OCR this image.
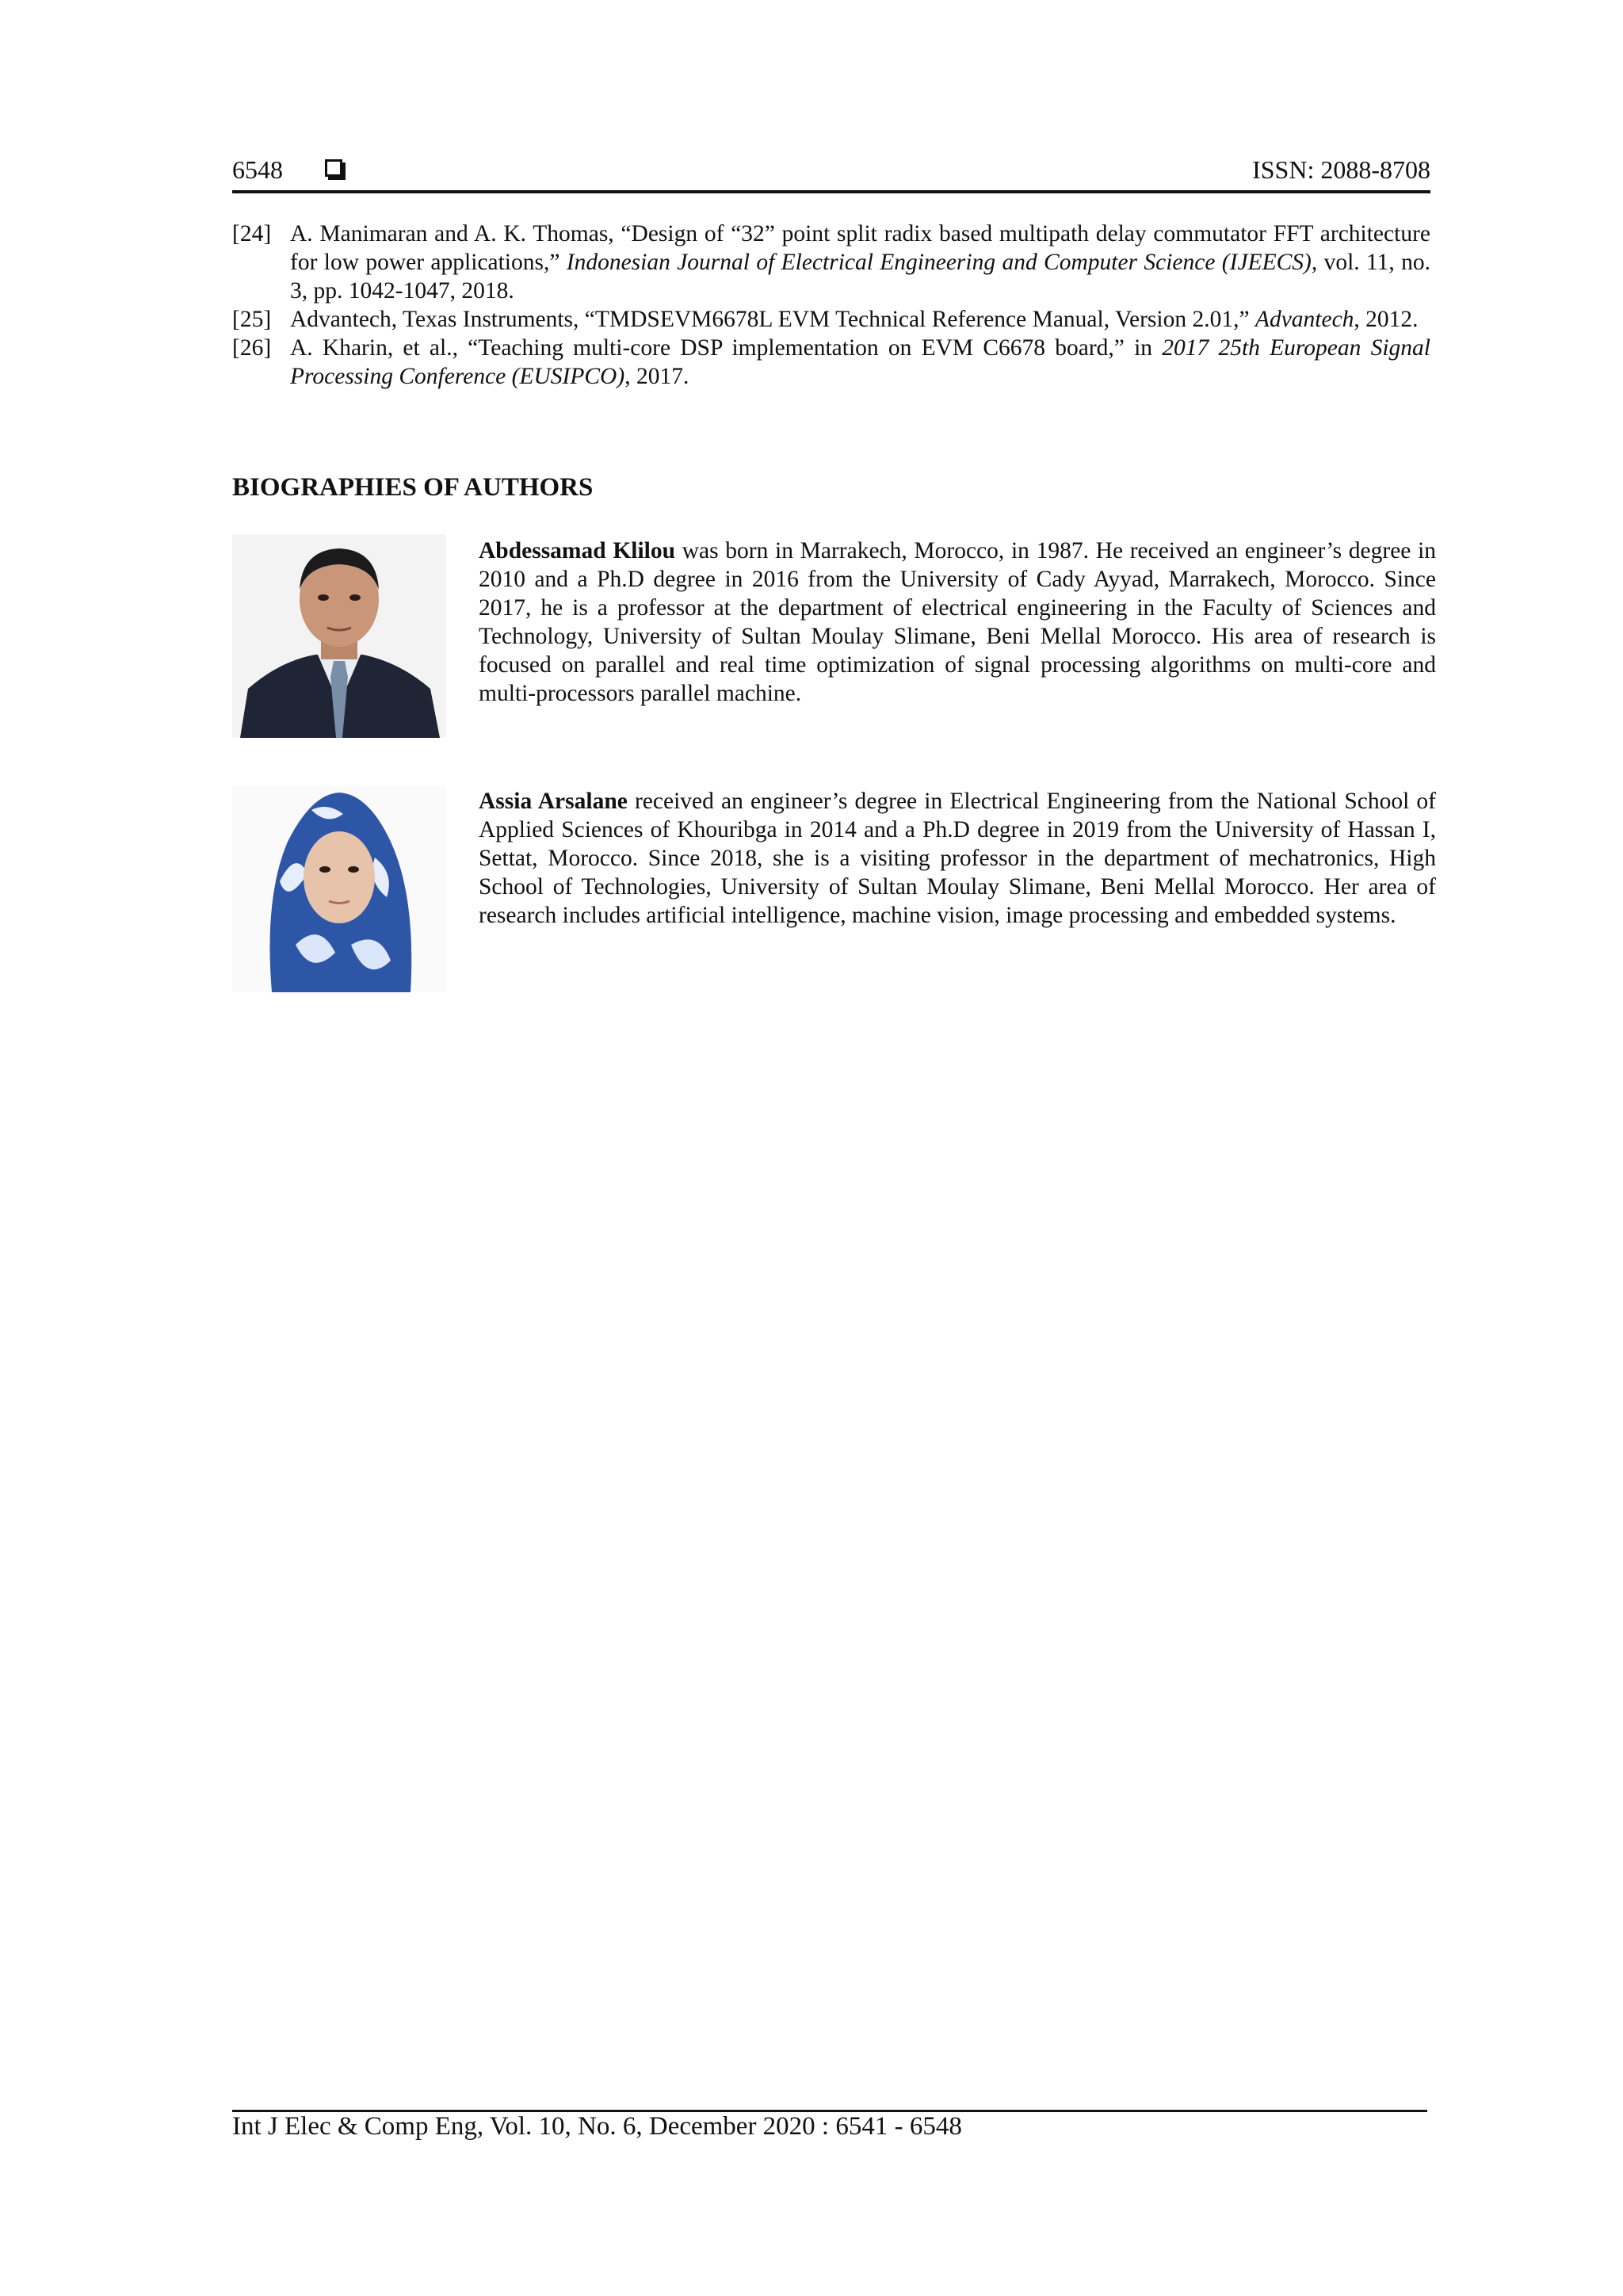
6548	ISSN: 2088-8708
[24] A. Manimaran and A. K. Thomas, “Design of “32” point split radix based multipath delay commutator FFT architecture for low power applications,” Indonesian Journal of Electrical Engineering and Computer Science (IJEECS), vol. 11, no. 3, pp. 1042-1047, 2018.
[25] Advantech, Texas Instruments, “TMDSEVM6678L EVM Technical Reference Manual, Version 2.01,” Advantech, 2012.
[26] A. Kharin, et al., “Teaching multi-core DSP implementation on EVM C6678 board,” in 2017 25th European Signal Processing Conference (EUSIPCO), 2017.
BIOGRAPHIES OF AUTHORS
Abdessamad Klilou was born in Marrakech, Morocco, in 1987. He received an engineer’s degree in 2010 and a Ph.D degree in 2016 from the University of Cady Ayyad, Marrakech, Morocco. Since 2017, he is a professor at the department of electrical engineering in the Faculty of Sciences and Technology, University of Sultan Moulay Slimane, Beni Mellal Morocco. His area of research is focused on parallel and real time optimization of signal processing algorithms on multi-core and multi-processors parallel machine.
Assia Arsalane received an engineer’s degree in Electrical Engineering from the National School of Applied Sciences of Khouribga in 2014 and a Ph.D degree in 2019 from the University of Hassan I, Settat, Morocco. Since 2018, she is a visiting professor in the department of mechatronics, High School of Technologies, University of Sultan Moulay Slimane, Beni Mellal Morocco. Her area of research includes artificial intelligence, machine vision, image processing and embedded systems.
Int J Elec & Comp Eng, Vol. 10, No. 6, December 2020 : 6541 - 6548
